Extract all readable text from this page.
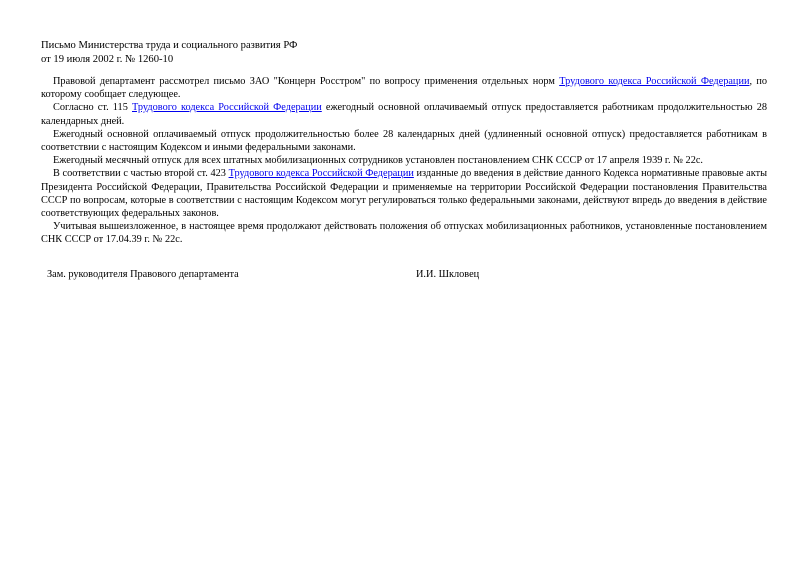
Письмо Министерства труда и социального развития РФ
от 19 июля 2002 г. № 1260-10

Правовой департамент рассмотрел письмо ЗАО "Концерн Росстром" по вопросу применения отдельных норм Трудового кодекса Российской Федерации, по которому сообщает следующее.

Согласно ст. 115 Трудового кодекса Российской Федерации ежегодный основной оплачиваемый отпуск предоставляется работникам продолжительностью 28 календарных дней.

Ежегодный основной оплачиваемый отпуск продолжительностью более 28 календарных дней (удлиненный основной отпуск) предоставляется работникам в соответствии с настоящим Кодексом и иными федеральными законами.

Ежегодный месячный отпуск для всех штатных мобилизационных сотрудников установлен постановлением СНК СССР от 17 апреля 1939 г. № 22с.

В соответствии с частью второй ст. 423 Трудового кодекса Российской Федерации изданные до введения в действие данного Кодекса нормативные правовые акты Президента Российской Федерации, Правительства Российской Федерации и применяемые на территории Российской Федерации постановления Правительства СССР по вопросам, которые в соответствии с настоящим Кодексом могут регулироваться только федеральными законами, действуют впредь до введения в действие соответствующих федеральных законов.

Учитывая вышеизложенное, в настоящее время продолжают действовать положения об отпусках мобилизационных работников, установленные постановлением СНК СССР от 17.04.39 г. № 22с.

Зам. руководителя Правового департамента	И.И. Шкловец
